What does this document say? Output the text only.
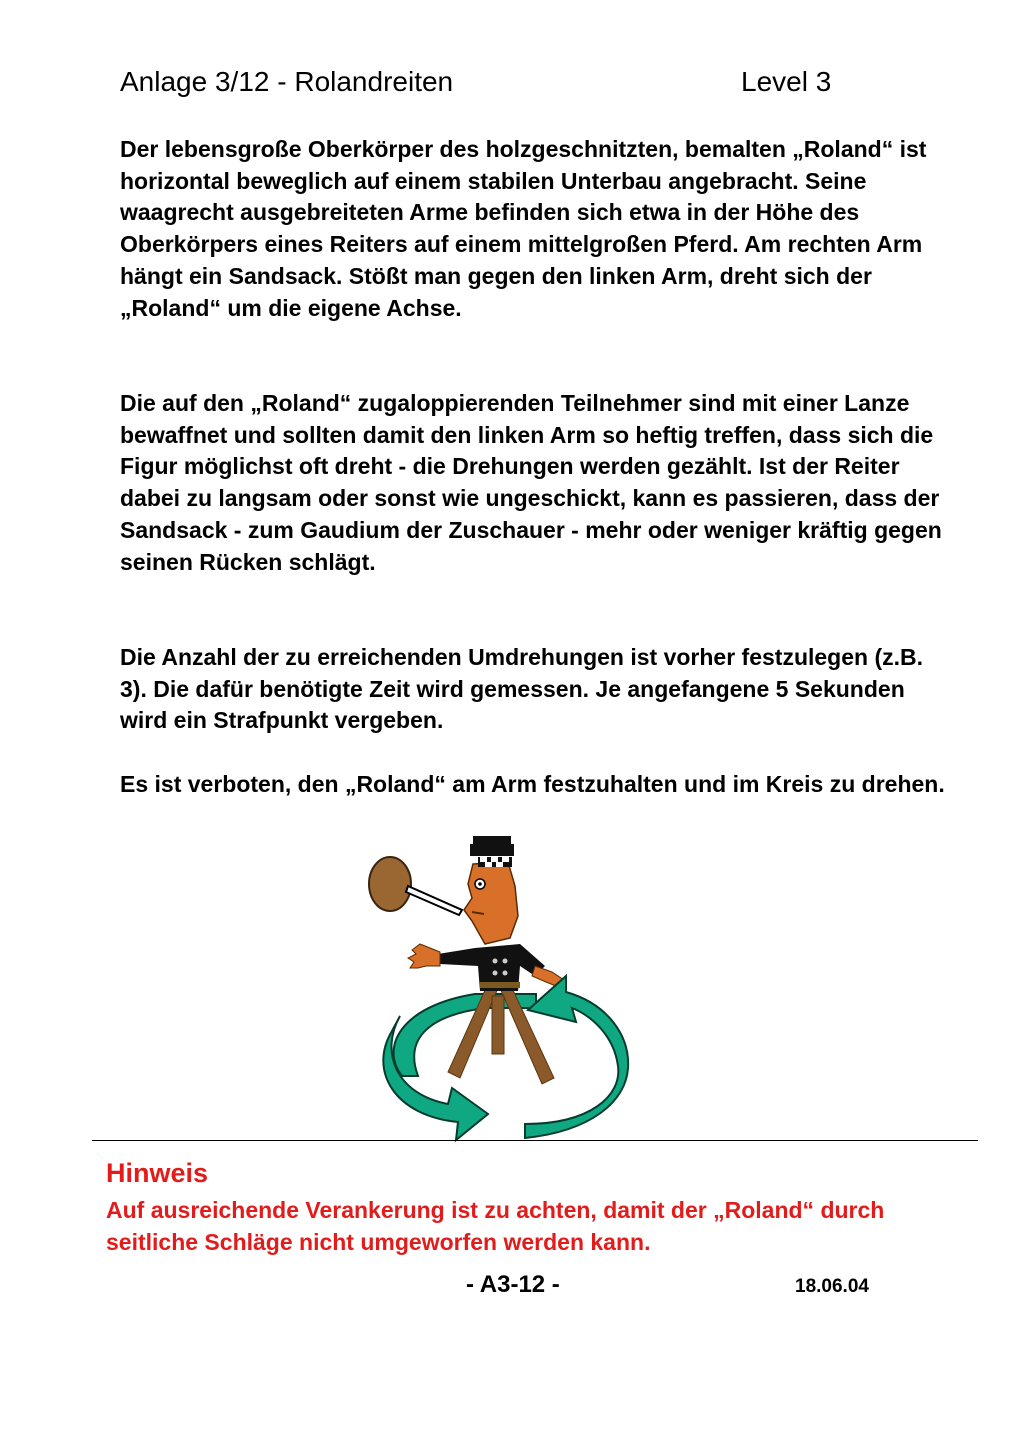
Anlage 3/12 - Rolandreiten	Level 3

Der lebensgroße Oberkörper des holzgeschnitzten, bemalten „Roland“ ist horizontal beweglich auf einem stabilen Unterbau angebracht. Seine waagrecht ausgebreiteten Arme befinden sich etwa in der Höhe des Oberkörpers eines Reiters auf einem mittelgroßen Pferd. Am rechten Arm hängt ein Sandsack. Stößt man gegen den linken Arm, dreht sich der „Roland“ um die eigene Achse.

Die auf den „Roland“ zugaloppierenden Teilnehmer sind mit einer Lanze bewaffnet und sollten damit den linken Arm so heftig treffen, dass sich die Figur möglichst oft dreht - die Drehungen werden gezählt. Ist der Reiter dabei zu langsam oder sonst wie ungeschickt, kann es passieren, dass der Sandsack - zum Gaudium der Zuschauer - mehr oder weniger kräftig gegen seinen Rücken schlägt.

Die Anzahl der zu erreichenden Umdrehungen ist vorher festzulegen (z.B. 3). Die dafür benötigte Zeit wird gemessen. Je angefangene 5 Sekunden wird ein Strafpunkt vergeben.

Es ist verboten, den „Roland“ am Arm festzuhalten und im Kreis zu drehen.

Hinweis

Auf ausreichende Verankerung ist zu achten, damit der „Roland“ durch seitliche Schläge nicht umgeworfen werden kann.

- A3-12 -	18.06.04
